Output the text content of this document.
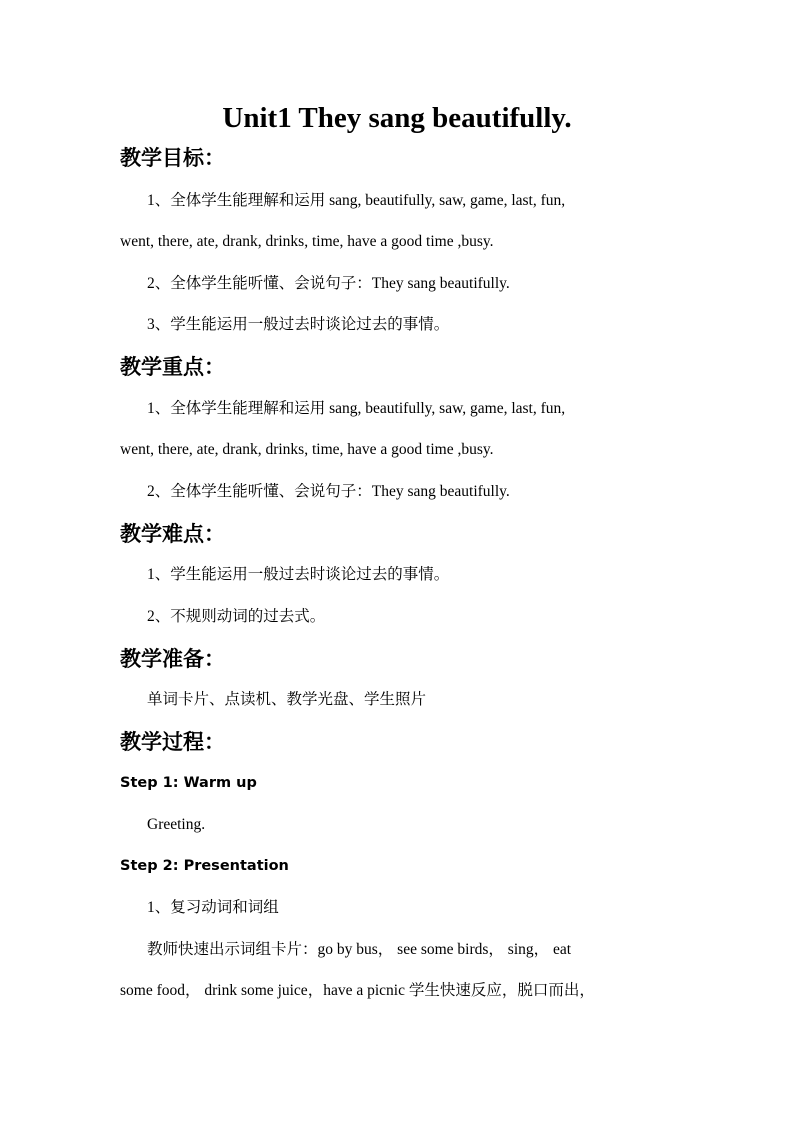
Unit1 They sang beautifully.
教学目标：
1、全体学生能理解和运用 sang, beautifully, saw, game, last, fun,
went, there, ate, drank, drinks, time, have a good time ,busy.
2、全体学生能听懂、会说句子：They sang beautifully.
3、学生能运用一般过去时谈论过去的事情。
教学重点：
1、全体学生能理解和运用 sang, beautifully, saw, game, last, fun,
went, there, ate, drank, drinks, time, have a good time ,busy.
2、全体学生能听懂、会说句子：They sang beautifully.
教学难点：
1、学生能运用一般过去时谈论过去的事情。
2、不规则动词的过去式。
教学准备：
单词卡片、点读机、教学光盘、学生照片
教学过程：
Step 1: Warm up
Greeting.
Step 2: Presentation
1、复习动词和词组
教师快速出示词组卡片：go by bus， see some birds， sing， eat
some food， drink some juice，have a picnic 学生快速反应，脱口而出，
